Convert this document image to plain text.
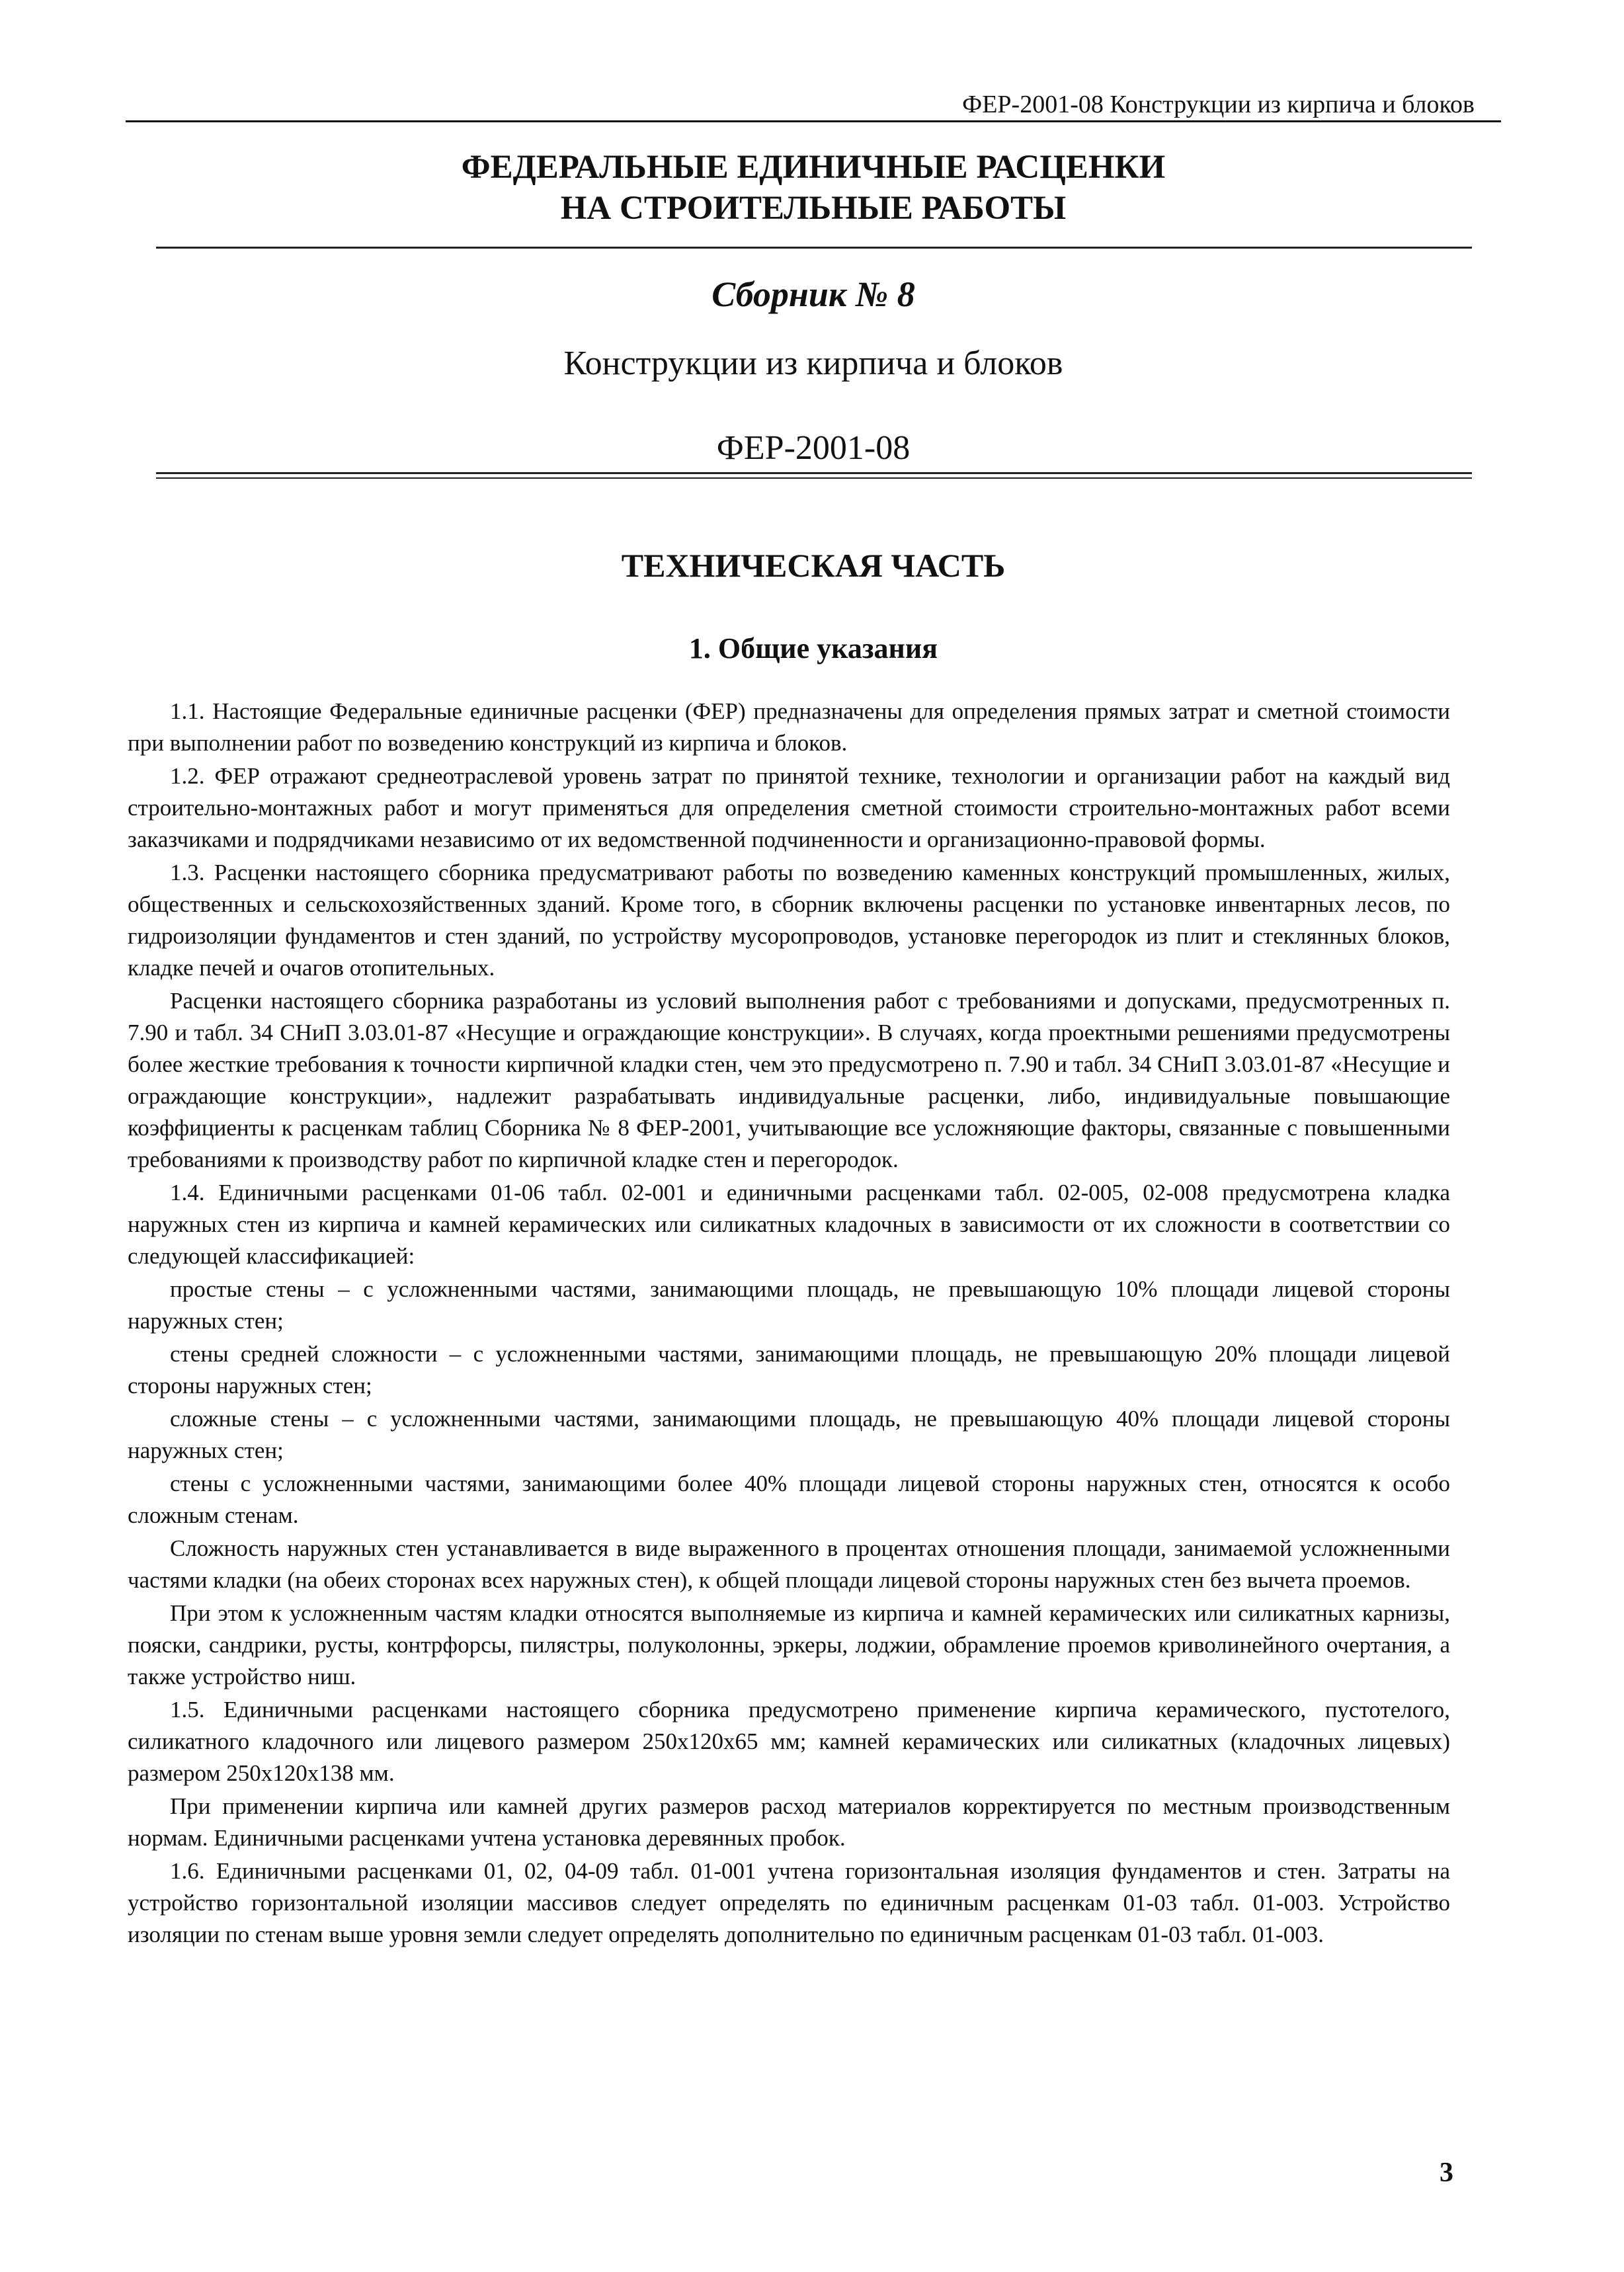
ФЕР-2001-08 Конструкции из кирпича и блоков
ФЕДЕРАЛЬНЫЕ ЕДИНИЧНЫЕ РАСЦЕНКИ
НА СТРОИТЕЛЬНЫЕ РАБОТЫ
Сборник № 8
Конструкции из кирпича и блоков
ФЕР-2001-08
ТЕХНИЧЕСКАЯ ЧАСТЬ
1. Общие указания

1.1. Настоящие Федеральные единичные расценки (ФЕР) предназначены для определения прямых затрат и сметной стоимости при выполнении работ по возведению конструкций из кирпича и блоков.

1.2. ФЕР отражают среднеотраслевой уровень затрат по принятой технике, технологии и организации работ на каждый вид строительно-монтажных работ и могут применяться для определения сметной стоимости строительно-монтажных работ всеми заказчиками и подрядчиками независимо от их ведомственной подчиненности и организационно-правовой формы.

1.3. Расценки настоящего сборника предусматривают работы по возведению каменных конструкций промышленных, жилых, общественных и сельскохозяйственных зданий. Кроме того, в сборник включены расценки по установке инвентарных лесов, по гидроизоляции фундаментов и стен зданий, по устройству мусоропроводов, установке перегородок из плит и стеклянных блоков, кладке печей и очагов отопительных.

Расценки настоящего сборника разработаны из условий выполнения работ с требованиями и допусками, предусмотренных п. 7.90 и табл. 34 СНиП 3.03.01-87 «Несущие и ограждающие конструкции». В случаях, когда проектными решениями предусмотрены более жесткие требования к точности кирпичной кладки стен, чем это предусмотрено п. 7.90 и табл. 34 СНиП 3.03.01-87 «Несущие и ограждающие конструкции», надлежит разрабатывать индивидуальные расценки, либо, индивидуальные повышающие коэффициенты к расценкам таблиц Сборника № 8 ФЕР-2001, учитывающие все усложняющие факторы, связанные с повышенными требованиями к производству работ по кирпичной кладке стен и перегородок.

1.4. Единичными расценками 01-06 табл. 02-001 и единичными расценками табл. 02-005, 02-008 предусмотрена кладка наружных стен из кирпича и камней керамических или силикатных кладочных в зависимости от их сложности в соответствии со следующей классификацией:

простые стены – с усложненными частями, занимающими площадь, не превышающую 10% площади лицевой стороны наружных стен;

стены средней сложности – с усложненными частями, занимающими площадь, не превышающую 20% площади лицевой стороны наружных стен;

сложные стены – с усложненными частями, занимающими площадь, не превышающую 40% площади лицевой стороны наружных стен;

стены с усложненными частями, занимающими более 40% площади лицевой стороны наружных стен, относятся к особо сложным стенам.

Сложность наружных стен устанавливается в виде выраженного в процентах отношения площади, занимаемой усложненными частями кладки (на обеих сторонах всех наружных стен), к общей площади лицевой стороны наружных стен без вычета проемов.

При этом к усложненным частям кладки относятся выполняемые из кирпича и камней керамических или силикатных карнизы, пояски, сандрики, русты, контрфорсы, пилястры, полуколонны, эркеры, лоджии, обрамление проемов криволинейного очертания, а также устройство ниш.

1.5. Единичными расценками настоящего сборника предусмотрено применение кирпича керамического, пустотелого, силикатного кладочного или лицевого размером 250х120х65 мм; камней керамических или силикатных (кладочных лицевых) размером 250х120х138 мм.

При применении кирпича или камней других размеров расход материалов корректируется по местным производственным нормам. Единичными расценками учтена установка деревянных пробок.

1.6. Единичными расценками 01, 02, 04-09 табл. 01-001 учтена горизонтальная изоляция фундаментов и стен. Затраты на устройство горизонтальной изоляции массивов следует определять по единичным расценкам 01-03 табл. 01-003. Устройство изоляции по стенам выше уровня земли следует определять дополнительно по единичным расценкам 01-03 табл. 01-003.

3
